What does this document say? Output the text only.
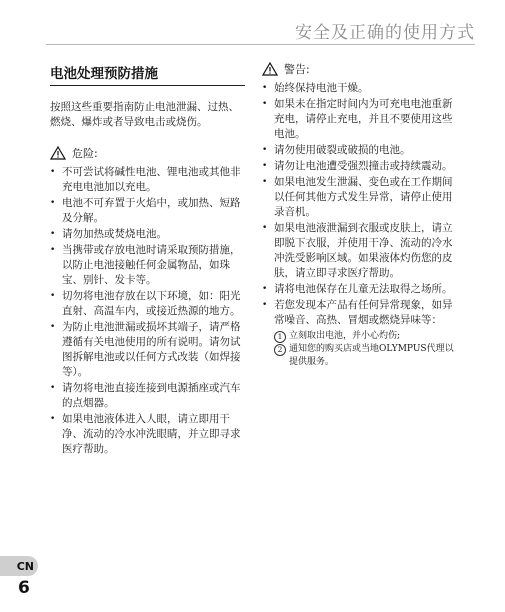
安全及正确的使用方式
电池处理预防措施
按照这些重要指南防止电池泄漏、过热、燃烧、爆炸或者导致电击或烧伤。
危险:
• 不可尝试将碱性电池、锂电池或其他非充电电池加以充电。
• 电池不可弃置于火焰中，或加热、短路及分解。
• 请勿加热或焚烧电池。
• 当携带或存放电池时请采取预防措施，以防止电池接触任何金属物品，如珠宝、别针、发卡等。
• 切勿将电池存放在以下环境，如：阳光直射、高温车内，或接近热源的地方。
• 为防止电池泄漏或损坏其端子，请严格遵循有关电池使用的所有说明。请勿试图拆解电池或以任何方式改装（如焊接等）。
• 请勿将电池直接连接到电源插座或汽车的点烟器。
• 如果电池液体进入人眼，请立即用干净、流动的冷水冲洗眼睛，并立即寻求医疗帮助。
警告:
• 始终保持电池干燥。
• 如果未在指定时间内为可充电电池重新充电，请停止充电，并且不要使用这些电池。
• 请勿使用破裂或破损的电池。
• 请勿让电池遭受强烈撞击或持续震动。
• 如果电池发生泄漏、变色或在工作期间以任何其他方式发生异常，请停止使用录音机。
• 如果电池液泄漏到衣服或皮肤上，请立即脱下衣服，并使用干净、流动的冷水冲洗受影响区域。如果液体灼伤您的皮肤，请立即寻求医疗帮助。
• 请将电池保存在儿童无法取得之场所。
• 若您发现本产品有任何异常现象，如异常噪音、高热、冒烟或燃烧异味等：
1 立刻取出电池，并小心灼伤;
2 通知您的购买店或当地OLYMPUS代理以提供服务。
CN
6
